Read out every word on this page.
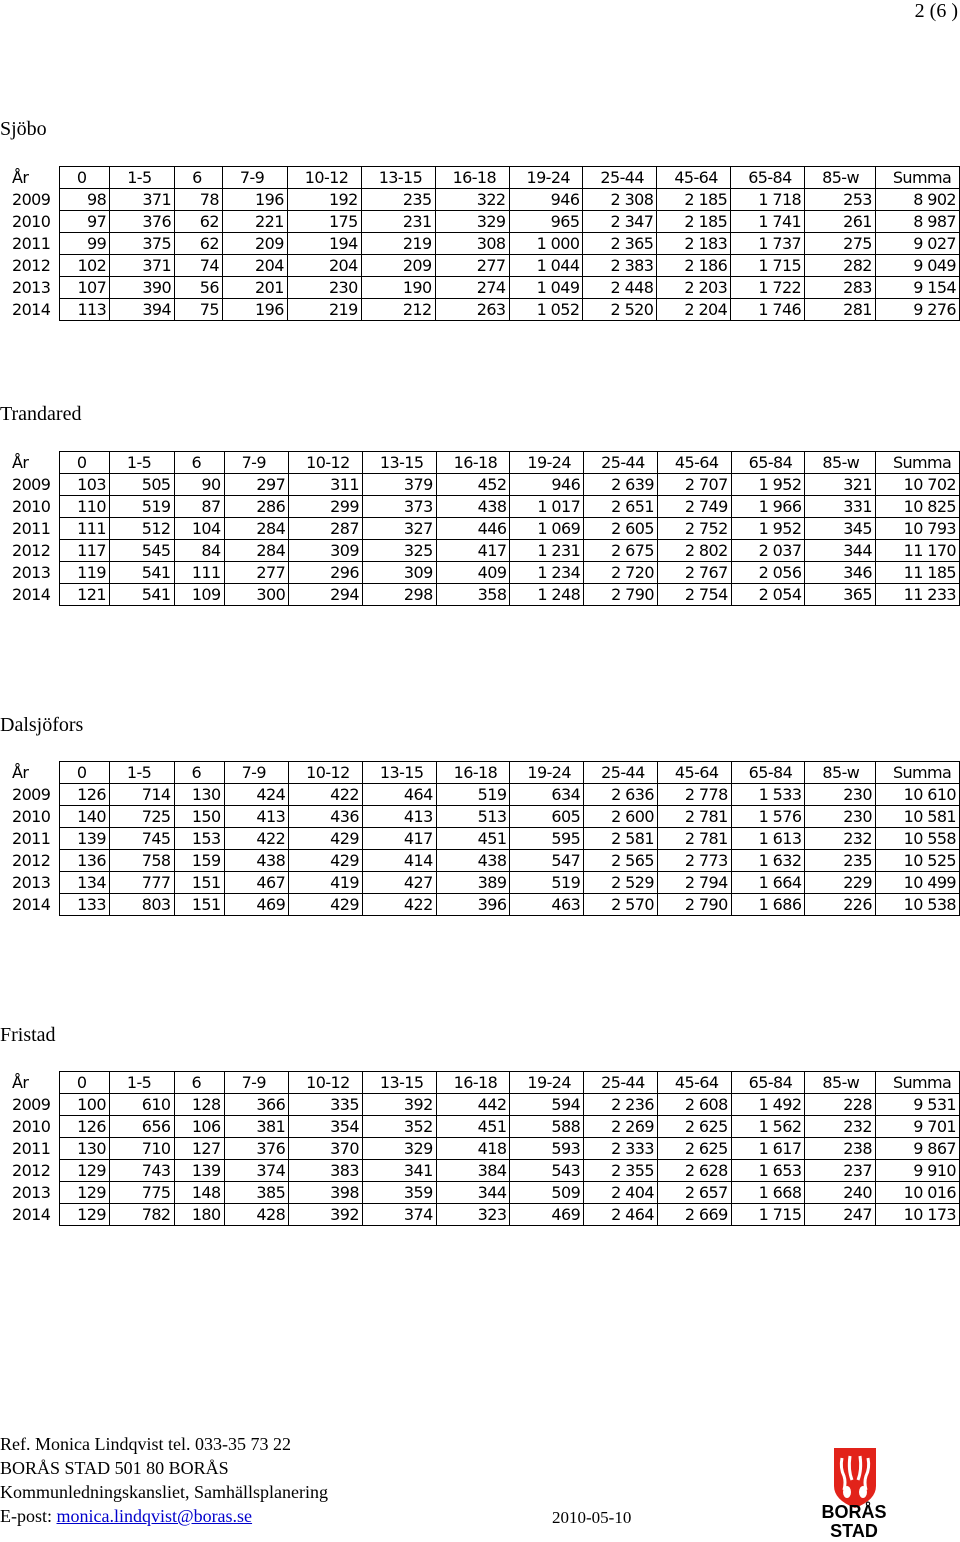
2 (6 )
Sjöbo
År	0	1-5	6	7-9	10-12	13-15	16-18	19-24	25-44	45-64	65-84	85-w	Summa
2009	98	371	78	196	192	235	322	946	2 308	2 185	1 718	253	8 902
2010	97	376	62	221	175	231	329	965	2 347	2 185	1 741	261	8 987
2011	99	375	62	209	194	219	308	1 000	2 365	2 183	1 737	275	9 027
2012	102	371	74	204	204	209	277	1 044	2 383	2 186	1 715	282	9 049
2013	107	390	56	201	230	190	274	1 049	2 448	2 203	1 722	283	9 154
2014	113	394	75	196	219	212	263	1 052	2 520	2 204	1 746	281	9 276
Trandared
År	0	1-5	6	7-9	10-12	13-15	16-18	19-24	25-44	45-64	65-84	85-w	Summa
2009	103	505	90	297	311	379	452	946	2 639	2 707	1 952	321	10 702
2010	110	519	87	286	299	373	438	1 017	2 651	2 749	1 966	331	10 825
2011	111	512	104	284	287	327	446	1 069	2 605	2 752	1 952	345	10 793
2012	117	545	84	284	309	325	417	1 231	2 675	2 802	2 037	344	11 170
2013	119	541	111	277	296	309	409	1 234	2 720	2 767	2 056	346	11 185
2014	121	541	109	300	294	298	358	1 248	2 790	2 754	2 054	365	11 233
Dalsjöfors
År	0	1-5	6	7-9	10-12	13-15	16-18	19-24	25-44	45-64	65-84	85-w	Summa
2009	126	714	130	424	422	464	519	634	2 636	2 778	1 533	230	10 610
2010	140	725	150	413	436	413	513	605	2 600	2 781	1 576	230	10 581
2011	139	745	153	422	429	417	451	595	2 581	2 781	1 613	232	10 558
2012	136	758	159	438	429	414	438	547	2 565	2 773	1 632	235	10 525
2013	134	777	151	467	419	427	389	519	2 529	2 794	1 664	229	10 499
2014	133	803	151	469	429	422	396	463	2 570	2 790	1 686	226	10 538
Fristad
År	0	1-5	6	7-9	10-12	13-15	16-18	19-24	25-44	45-64	65-84	85-w	Summa
2009	100	610	128	366	335	392	442	594	2 236	2 608	1 492	228	9 531
2010	126	656	106	381	354	352	451	588	2 269	2 625	1 562	232	9 701
2011	130	710	127	376	370	329	418	593	2 333	2 625	1 617	238	9 867
2012	129	743	139	374	383	341	384	543	2 355	2 628	1 653	237	9 910
2013	129	775	148	385	398	359	344	509	2 404	2 657	1 668	240	10 016
2014	129	782	180	428	392	374	323	469	2 464	2 669	1 715	247	10 173
Ref. Monica Lindqvist tel. 033-35 73 22
BORÅS STAD 501 80 BORÅS
Kommunledningskansliet, Samhällsplanering
E-post: monica.lindqvist@boras.se	2010-05-10	BORÅS
STAD
